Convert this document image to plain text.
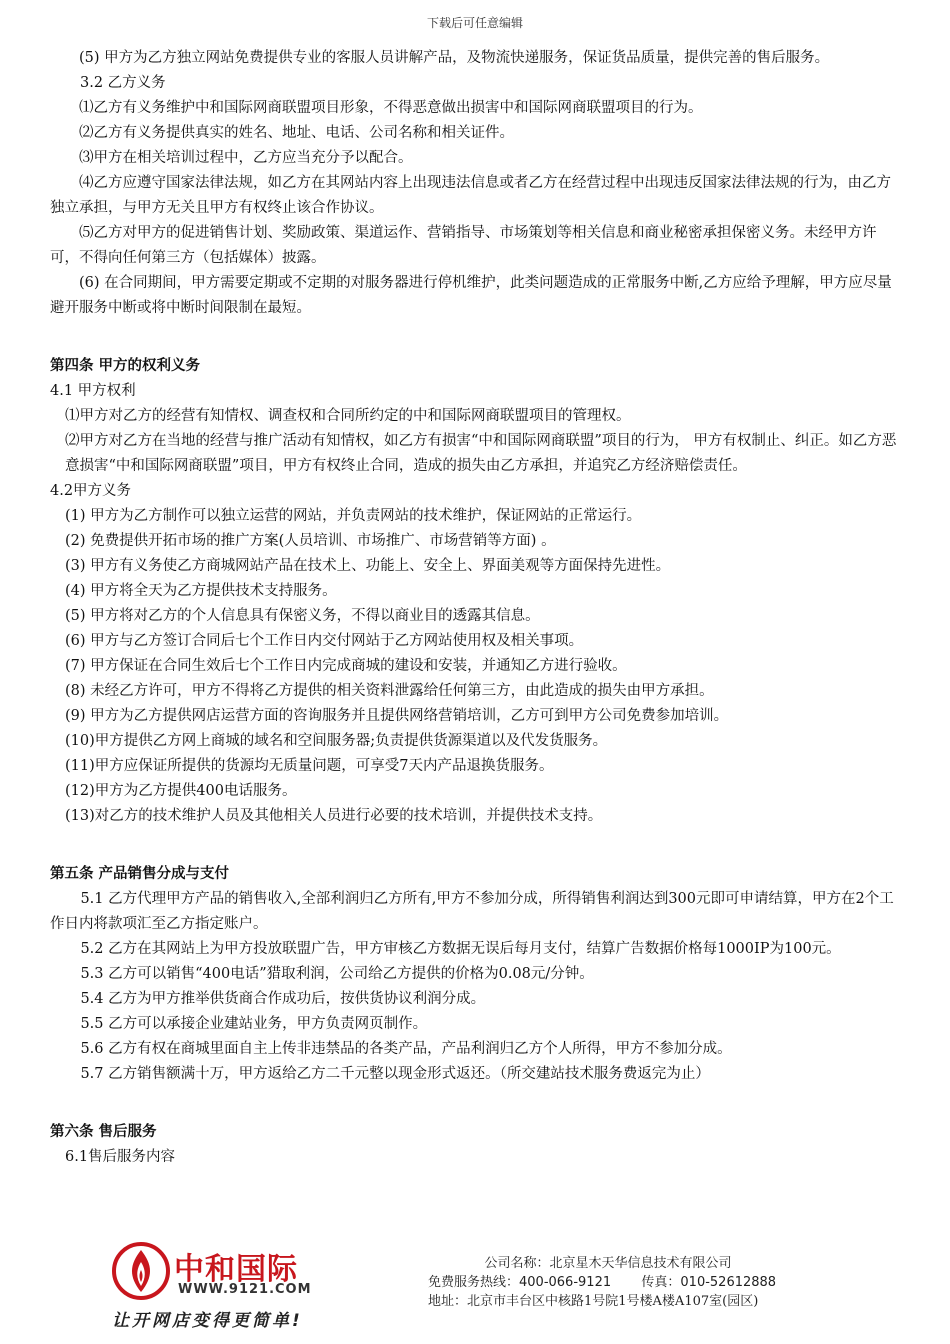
下载后可任意编辑

(5) 甲方为乙方独立网站免费提供专业的客服人员讲解产品，及物流快递服务，保证货品质量，提供完善的售后服务。

3.2 乙方义务

⑴乙方有义务维护中和国际网商联盟项目形象，不得恶意做出损害中和国际网商联盟项目的行为。

⑵乙方有义务提供真实的姓名、地址、电话、公司名称和相关证件。

⑶甲方在相关培训过程中，乙方应当充分予以配合。

⑷乙方应遵守国家法律法规，如乙方在其网站内容上出现违法信息或者乙方在经营过程中出现违反国家法律法规的行为，由乙方独立承担，与甲方无关且甲方有权终止该合作协议。

⑸乙方对甲方的促进销售计划、奖励政策、渠道运作、营销指导、市场策划等相关信息和商业秘密承担保密义务。未经甲方许可，不得向任何第三方（包括媒体）披露。

(6) 在合同期间，甲方需要定期或不定期的对服务器进行停机维护，此类问题造成的正常服务中断,乙方应给予理解，甲方应尽量避开服务中断或将中断时间限制在最短。

第四条 甲方的权利义务

4.1 甲方权利

⑴甲方对乙方的经营有知情权、调查权和合同所约定的中和国际网商联盟项目的管理权。

⑵甲方对乙方在当地的经营与推广活动有知情权，如乙方有损害“中和国际网商联盟”项目的行为， 甲方有权制止、纠正。如乙方恶意损害“中和国际网商联盟”项目，甲方有权终止合同，造成的损失由乙方承担，并追究乙方经济赔偿责任。

4.2甲方义务

(1) 甲方为乙方制作可以独立运营的网站，并负责网站的技术维护，保证网站的正常运行。

(2) 免费提供开拓市场的推广方案(人员培训、市场推广、市场营销等方面) 。

(3) 甲方有义务使乙方商城网站产品在技术上、功能上、安全上、界面美观等方面保持先进性。

(4) 甲方将全天为乙方提供技术支持服务。

(5) 甲方将对乙方的个人信息具有保密义务，不得以商业目的透露其信息。

(6) 甲方与乙方签订合同后七个工作日内交付网站于乙方网站使用权及相关事项。

(7) 甲方保证在合同生效后七个工作日内完成商城的建设和安装，并通知乙方进行验收。

(8) 未经乙方许可，甲方不得将乙方提供的相关资料泄露给任何第三方，由此造成的损失由甲方承担。

(9) 甲方为乙方提供网店运营方面的咨询服务并且提供网络营销培训，乙方可到甲方公司免费参加培训。

(10)甲方提供乙方网上商城的域名和空间服务器;负责提供货源渠道以及代发货服务。

(11)甲方应保证所提供的货源均无质量问题，可享受7天内产品退换货服务。

(12)甲方为乙方提供400电话服务。

(13)对乙方的技术维护人员及其他相关人员进行必要的技术培训，并提供技术支持。

第五条 产品销售分成与支付

5.1 乙方代理甲方产品的销售收入,全部利润归乙方所有,甲方不参加分成，所得销售利润达到300元即可申请结算，甲方在2个工作日内将款项汇至乙方指定账户。

5.2 乙方在其网站上为甲方投放联盟广告，甲方审核乙方数据无误后每月支付，结算广告数据价格每1000IP为100元。

5.3 乙方可以销售“400电话”猎取利润，公司给乙方提供的价格为0.08元/分钟。

5.4 乙方为甲方推举供货商合作成功后，按供货协议利润分成。

5.5 乙方可以承接企业建站业务，甲方负责网页制作。

5.6 乙方有权在商城里面自主上传非违禁品的各类产品，产品利润归乙方个人所得，甲方不参加分成。

5.7 乙方销售额满十万，甲方返给乙方二千元整以现金形式返还。（所交建站技术服务费返完为止）

第六条 售后服务

6.1售后服务内容

中和国际
WWW.9121.COM
让开网店变得更简单!
公司名称：北京星木天华信息技术有限公司
免费服务热线：400-066-9121 传真：010-52612888
地址：北京市丰台区中核路1号院1号楼A楼A107室(园区)
